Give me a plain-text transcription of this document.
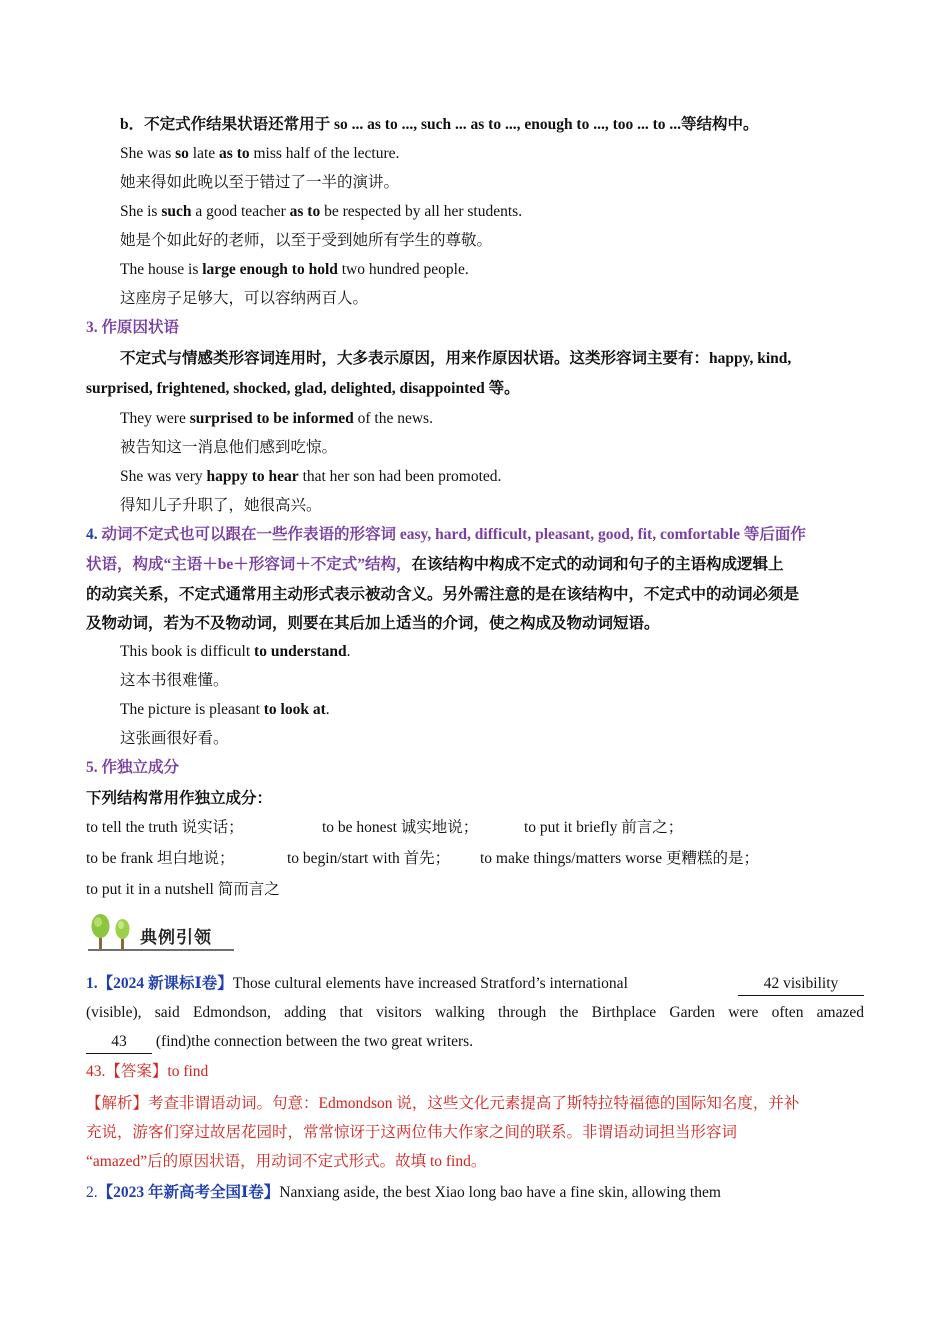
b．不定式作结果状语还常用于 so ... as to ..., such ... as to ..., enough to ..., too ... to ...等结构中。
She was so late as to miss half of the lecture.
她来得如此晚以至于错过了一半的演讲。
She is such a good teacher as to be respected by all her students.
她是个如此好的老师，以至于受到她所有学生的尊敬。
The house is large enough to hold two hundred people.
这座房子足够大，可以容纳两百人。
3. 作原因状语
不定式与情感类形容词连用时，大多表示原因，用来作原因状语。这类形容词主要有：happy, kind,
surprised, frightened, shocked, glad, delighted, disappointed 等。
They were surprised to be informed of the news.
被告知这一消息他们感到吃惊。
She was very happy to hear that her son had been promoted.
得知儿子升职了，她很高兴。
4. 动词不定式也可以跟在一些作表语的形容词 easy, hard, difficult, pleasant, good, fit, comfortable 等后面作
状语，构成“主语＋be＋形容词＋不定式”结构，在该结构中构成不定式的动词和句子的主语构成逻辑上
的动宾关系，不定式通常用主动形式表示被动含义。另外需注意的是在该结构中，不定式中的动词必须是
及物动词，若为不及物动词，则要在其后加上适当的介词，使之构成及物动词短语。
This book is difficult to understand.
这本书很难懂。
The picture is pleasant to look at.
这张画很好看。
5. 作独立成分
下列结构常用作独立成分：
to tell the truth 说实话；	to be honest 诚实地说；	to put it briefly 前言之；
to be frank 坦白地说；	to begin/start with 首先； to make things/matters worse 更糟糕的是；
to put it in a nutshell 简而言之
典例引领
1.【2024 新课标Ⅰ卷】Those cultural elements have increased Stratford’s international	42 visibility
(visible), said Edmondson, adding that visitors walking through the Birthplace Garden were often amazed
43 (find)the connection between the two great writers.
43.【答案】to find
【解析】考查非谓语动词。句意：Edmondson 说，这些文化元素提高了斯特拉特福德的国际知名度，并补
充说，游客们穿过故居花园时，常常惊讶于这两位伟大作家之间的联系。非谓语动词担当形容词
“amazed”后的原因状语，用动词不定式形式。故填 to find。
2.【2023 年新高考全国Ⅰ卷】Nanxiang aside, the best Xiao long bao have a fine skin, allowing them
